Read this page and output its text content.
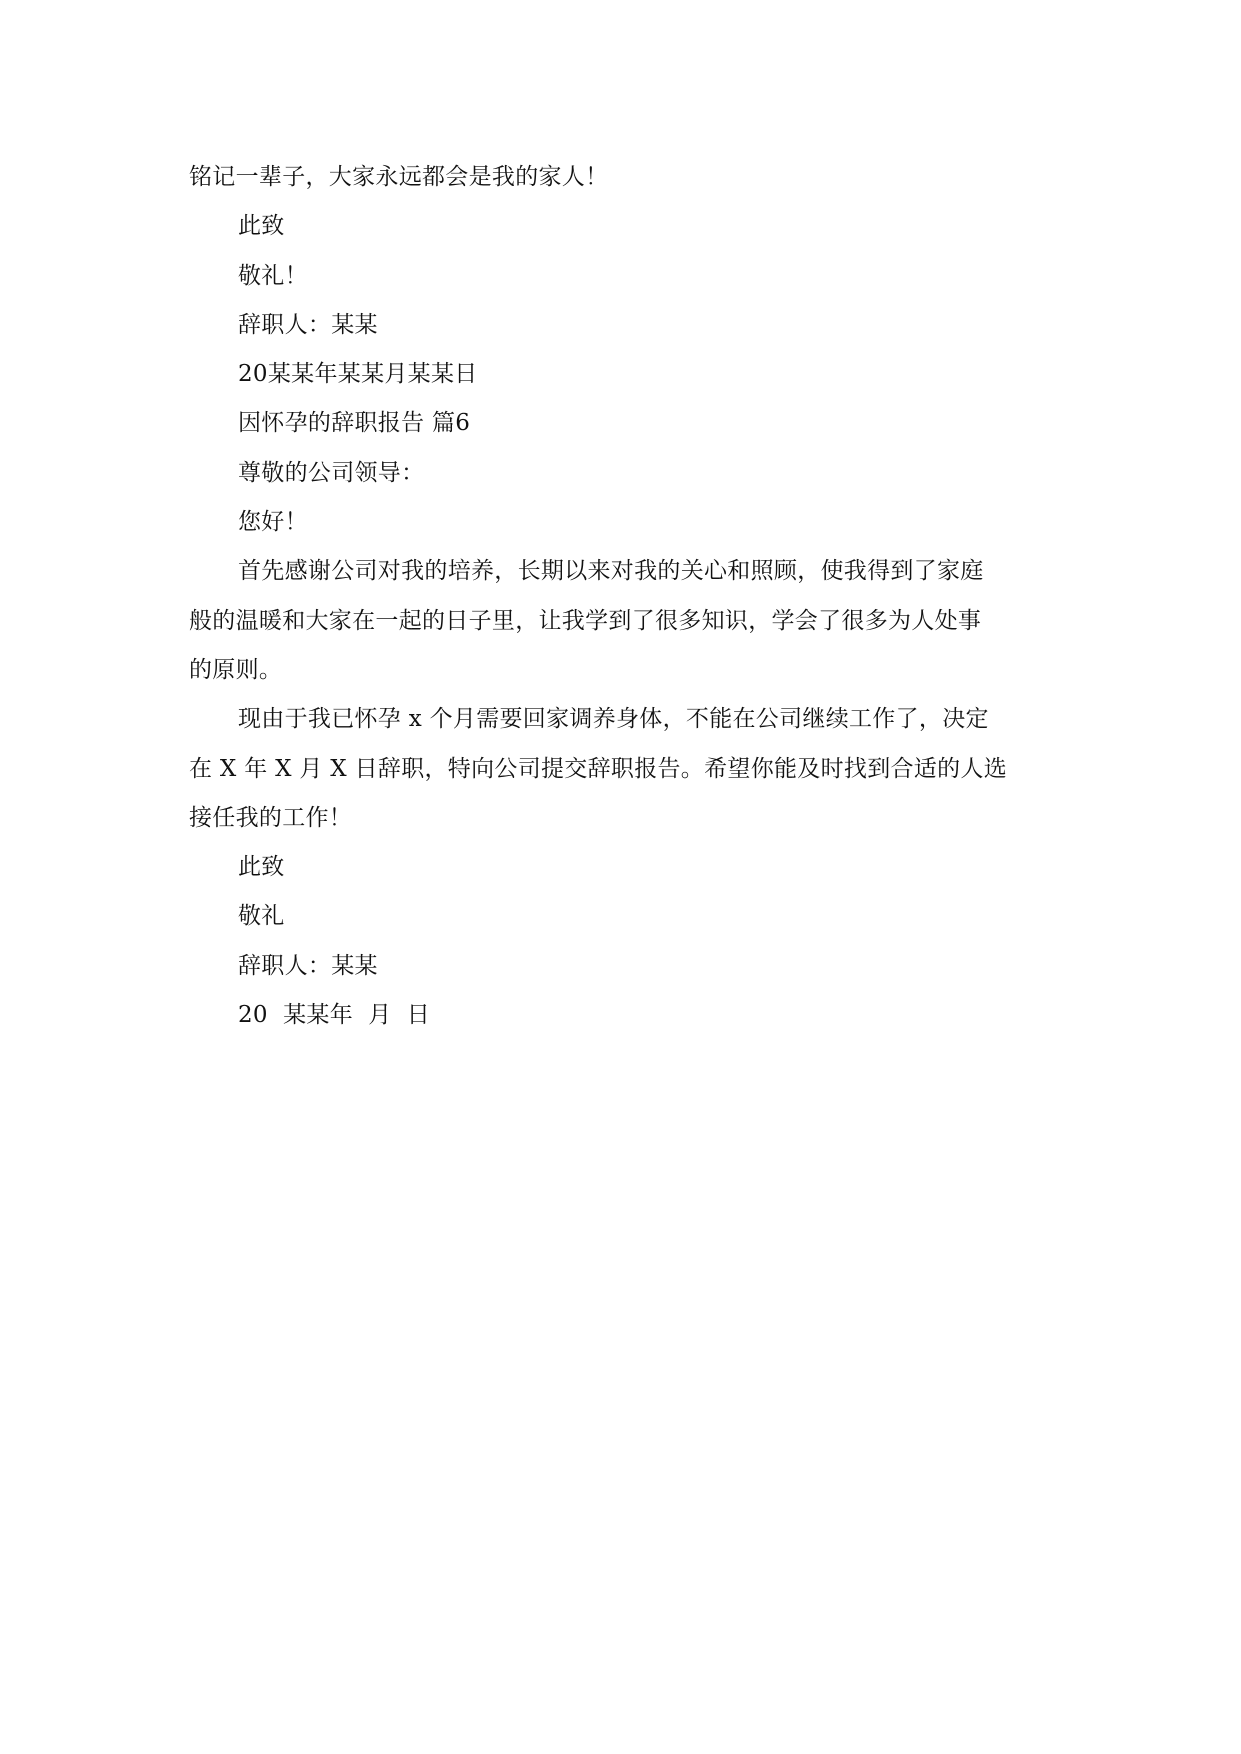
铭记一辈子，大家永远都会是我的家人！

此致

敬礼！

辞职人：某某

20某某年某某月某某日

因怀孕的辞职报告 篇6

尊敬的公司领导：

您好！

首先感谢公司对我的培养，长期以来对我的关心和照顾，使我得到了家庭
般的温暖和大家在一起的日子里，让我学到了很多知识，学会了很多为人处事
的原则。
现由于我已怀孕 x 个月需要回家调养身体，不能在公司继续工作了，决定
在 X 年 X 月 X 日辞职，特向公司提交辞职报告。希望你能及时找到合适的人选
接任我的工作！

此致

敬礼

辞职人：某某

20  某某年  月  日
